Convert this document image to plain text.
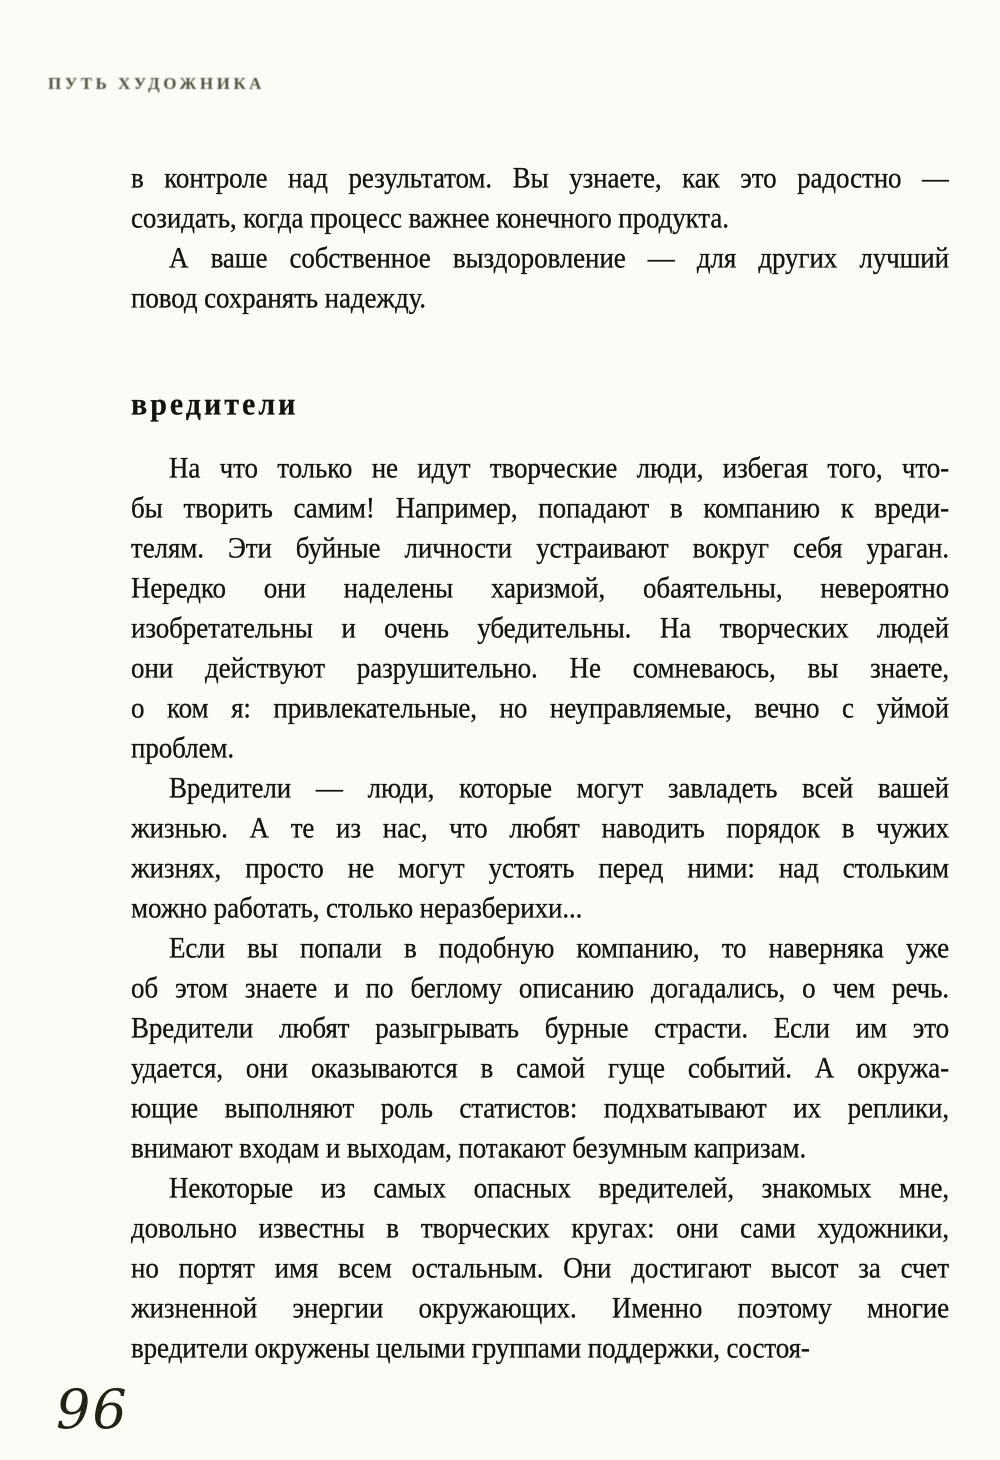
ПУТЬ ХУДОЖНИКА
в контроле над результатом. Вы узнаете, как это радостно —
созидать, когда процесс важнее конечного продукта.
А ваше собственное выздоровление — для других лучший
повод сохранять надежду.
вредители
На что только не идут творческие люди, избегая того, что-
бы творить самим! Например, попадают в компанию к вреди-
телям. Эти буйные личности устраивают вокруг себя ураган.
Нередко они наделены харизмой, обаятельны, невероятно
изобретательны и очень убедительны. На творческих людей
они действуют разрушительно. Не сомневаюсь, вы знаете,
о ком я: привлекательные, но неуправляемые, вечно с уймой
проблем.
Вредители — люди, которые могут завладеть всей вашей
жизнью. А те из нас, что любят наводить порядок в чужих
жизнях, просто не могут устоять перед ними: над стольким
можно работать, столько неразберихи...
Если вы попали в подобную компанию, то наверняка уже
об этом знаете и по беглому описанию догадались, о чем речь.
Вредители любят разыгрывать бурные страсти. Если им это
удается, они оказываются в самой гуще событий. А окружа-
ющие выполняют роль статистов: подхватывают их реплики,
внимают входам и выходам, потакают безумным капризам.
Некоторые из самых опасных вредителей, знакомых мне,
довольно известны в творческих кругах: они сами художники,
но портят имя всем остальным. Они достигают высот за счет
жизненной энергии окружающих. Именно поэтому многие
вредители окружены целыми группами поддержки, состоя-
96
